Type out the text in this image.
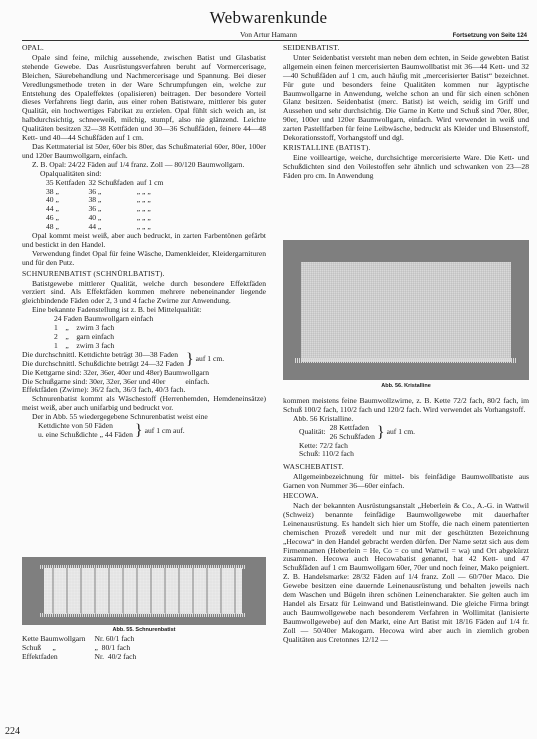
Webwarenkunde
Von Artur Hamann	Fortsetzung von Seite 124

OPAL.

Opale sind feine, milchig aussehende, zwischen Batist und Glasbatist stehende Gewebe. Das Ausrüstungsverfahren beruht auf Vormercerisage, Bleichen, Säurebehandlung und Nachmercerisage und Spannung. Bei dieser Veredlungsmethode treten in der Ware Schrumpfungen ein, welche zur Entstehung des Opaleffektes (opalisieren) beitragen. Der besondere Vorteil dieses Verfahrens liegt darin, aus einer rohen Batistware, mittlerer bis guter Qualität, ein hochwertiges Fabrikat zu erzielen. Opal fühlt sich weich an, ist halbdurchsichtig, schneeweiß, milchig, stumpf, also nie glänzend. Leichte Qualitäten besitzen 32—38 Kettfäden und 30—36 Schußfäden, feinere 44—48 Kett- und 40—44 Schußfäden auf 1 cm.

Das Kettmaterial ist 50er, 60er bis 80er, das Schußmaterial 60er, 80er, 100er und 120er Baumwollgarn, einfach.

Z. B. Opal: 24/22 Fäden auf 1/4 franz. Zoll — 80/120 Baumwollgarn.

Opalqualitäten sind:

35 Kettfaden	32 Schußfaden	auf 1 cm
38 „	36 „	„ „ „
40 „	38 „	„ „ „
44 „	36 „	„ „ „
46 „	40 „	„ „ „
48 „	44 „	„ „ „

Opal kommt meist weiß, aber auch bedruckt, in zarten Farbentönen gefärbt und bestickt in den Handel.

Verwendung findet Opal für feine Wäsche, Damenkleider, Kleidergarnituren und für den Putz.

SCHNURENBATIST (SCHNÜRLBATIST).

Batistgewebe mittlerer Qualität, welche durch besondere Effektfäden verziert sind. Als Effektfäden kommen mehrere nebeneinander liegende gleichbindende Fäden oder 2, 3 und 4 fache Zwirne zur Anwendung.

Eine bekannte Fadenstellung ist z. B. bei Mittelqualität:

24 Faden Baumwollgarn einfach
1    „    zwirn 3 fach
2    „    garn einfach
1    „    zwirn 3 fach
Die durchschnittl. Kettdichte beträgt 30—38 Faden
Die durchschnittl. Schußdichte beträgt 24—32 Faden } auf 1 cm.
Die Kettgarne sind: 32er, 36er, 40er und 48er) Baumwollgarn
Die Schußgarne sind: 30er, 32er, 36er und 40er	einfach.

Effektfäden (Zwirne): 36/2 fach, 36/3 fach, 40/3 fach.

Schnurenbatist kommt als Wäschestoff (Herrenhemden, Hemdeneinsätze) meist weiß, aber auch unifarbig und bedruckt vor.

Der in Abb. 55 wiedergegebene Schnurenbatist weist eine

Kettdichte von 50 Fäden
u. eine Schußdichte „ 44 Fäden } auf 1 cm auf.
Abb. 55. Schnurenbatist
Kette Baumwollgarn	Nr. 60/1 fach
Schuß      „	„  80/1 fach
Effektfaden	Nr.  40/2 fach
224

SEIDENBATIST.

Unter Seidenbatist versteht man neben dem echten, in Seide gewebten Batist allgemein einen feinen mercerisierten Baumwollbatist mit 36—44 Kett- und 32—40 Schußfäden auf 1 cm, auch häufig mit „mercerisierter Batist“ bezeichnet. Für gute und besonders feine Qualitäten kommen nur ägyptische Baumwollgarne in Anwendung, welche schon an und für sich einen schönen Glanz besitzen. Seidenbatist (merc. Batist) ist weich, seidig im Griff und Aussehen und sehr durchsichtig. Die Garne in Kette und Schuß sind 70er, 80er, 90er, 100er und 120er Baumwollgarn, einfach. Wird verwendet in weiß und zarten Pastellfarben für feine Leibwäsche, bedruckt als Kleider und Blusenstoff, Dekorationsstoff, Vorhangstoff und dgl.

KRISTALLINE (BATIST).

Eine voilleartige, weiche, durchsichtige mercerisierte Ware. Die Kett- und Schußdichten sind den Voilestoffen sehr ähnlich und schwanken von 23—28 Fäden pro cm. In Anwendung

Abb. 56. Kristalline

kommen meistens feine Baumwollzwirne, z. B. Kette 72/2 fach, 80/2 fach, im Schuß 100/2 fach, 110/2 fach und 120/2 fach. Wird verwendet als Vorhangstoff.

Abb. 56 Kristalline.

Qualität: 28 Kettfaden
26 Schußfaden } auf 1 cm.
Kette: 72/2 fach
Schuß: 110/2 fach

WASCHEBATIST.

Allgemeinbezeichnung für mittel- bis feinfädige Baumwollbatiste aus Garnen von Nummer 36—60er einfach.

HECOWA.

Nach der bekannten Ausrüstungsanstalt „Heberlein & Co., A.-G. in Wattwil (Schweiz) benannte feinfädige Baumwollgewebe mit dauerhafter Leinenausrüstung. Es handelt sich hier um Stoffe, die nach einem patentierten chemischen Prozeß veredelt und nur mit der geschützten Bezeichnung „Hecowa“ in den Handel gebracht werden dürfen. Der Name setzt sich aus dem Firmennamen (Heberlein = He, Co = co und Wattwil = wa) und Ort abgekürzt zusammen. Hecowa auch Hecowabatist genannt, hat 42 Kett- und 47 Schußfäden auf 1 cm Baumwollgarn 60er, 70er und noch feiner, Mako peigniert. Z. B. Handelsmarke: 28/32 Fäden auf 1/4 franz. Zoll — 60/70er Maco. Die Gewebe besitzen eine dauernde Leinenausrüstung und behalten jeweils nach dem Waschen und Bügeln ihren schönen Leinencharakter. Sie gelten auch im Handel als Ersatz für Leinwand und Batistleinwand. Die gleiche Firma bringt auch Baumwollgewebe nach besonderem Verfahren in Wollimitat (lanisierte Baumwollgewebe) auf den Markt, eine Art Batist mit 18/16 Fäden auf 1/4 fr. Zoll — 50/40er Makogarn. Hecowa wird aber auch in ziemlich groben Qualitäten aus Cretonnes 12/12 —
